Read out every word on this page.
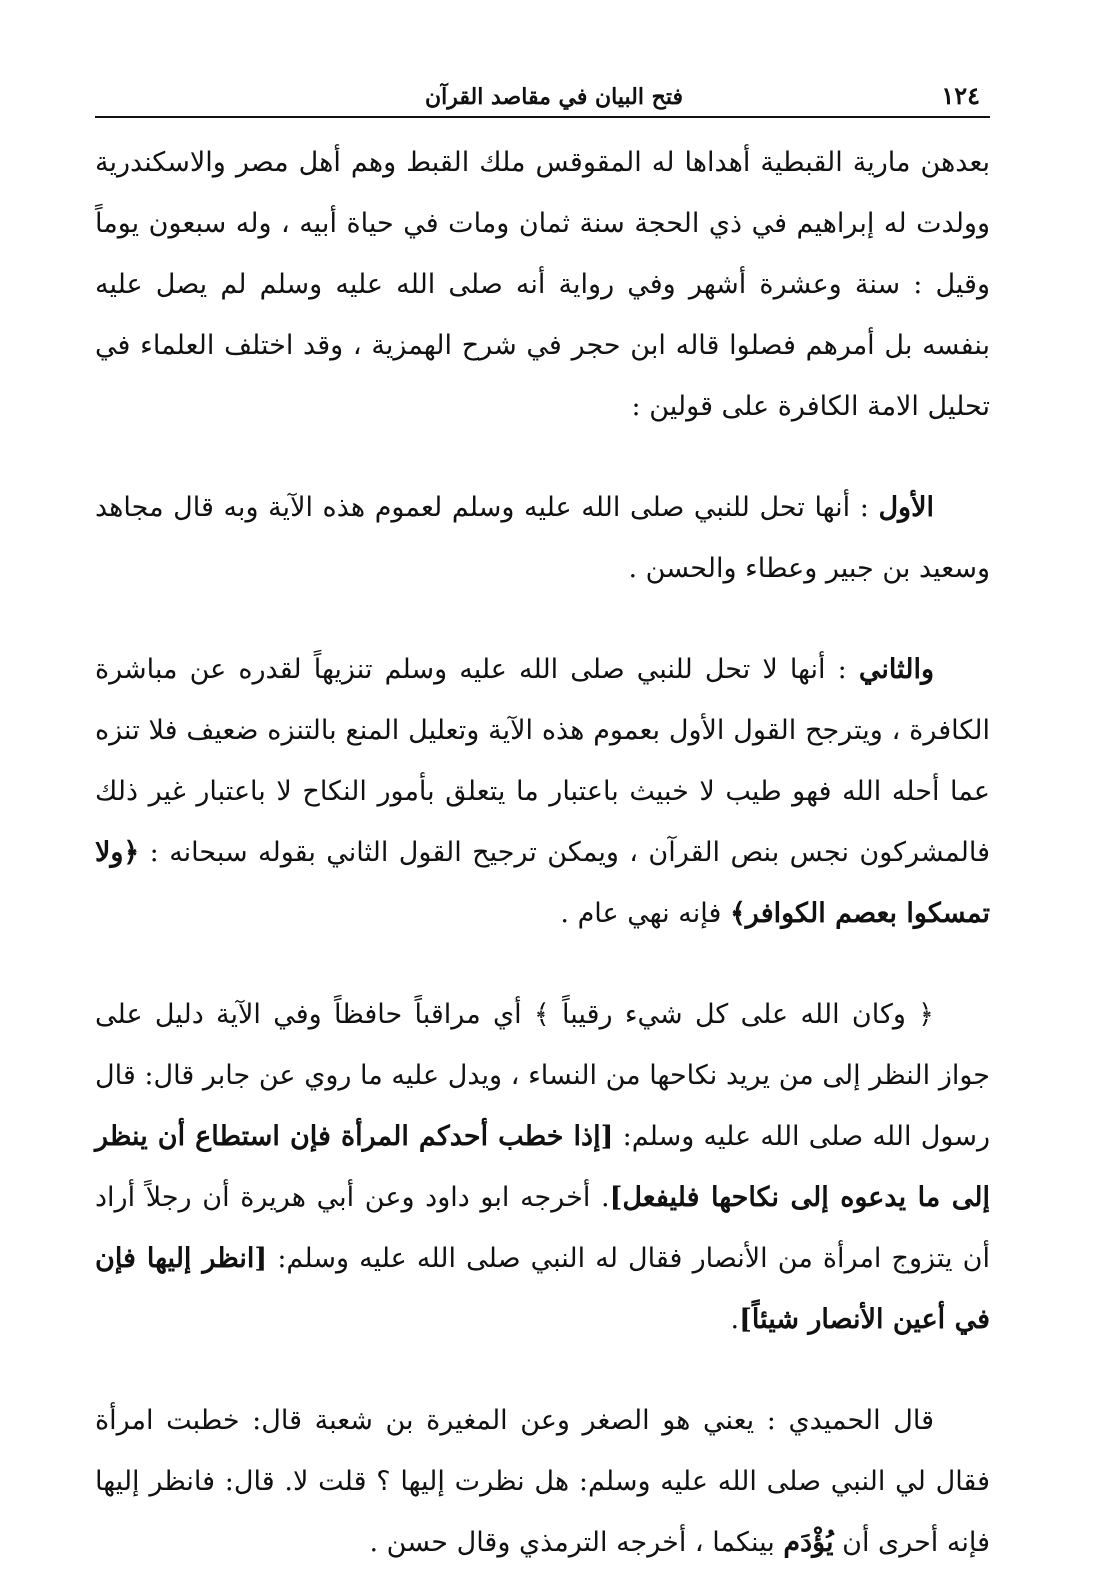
١٢٤
فتح البيان في مقاصد القرآن

بعدهن مارية القبطية أهداها له المقوقس ملك القبط وهم أهل مصر والاسكندرية وولدت له إبراهيم في ذي الحجة سنة ثمان ومات في حياة أبيه ، وله سبعون يوماً وقيل : سنة وعشرة أشهر وفي رواية أنه صلى الله عليه وسلم لم يصل عليه بنفسه بل أمرهم فصلوا قاله ابن حجر في شرح الهمزية ، وقد اختلف العلماء في تحليل الامة الكافرة على قولين :

الأول : أنها تحل للنبي صلى الله عليه وسلم لعموم هذه الآية وبه قال مجاهد وسعيد بن جبير وعطاء والحسن .

والثاني : أنها لا تحل للنبي صلى الله عليه وسلم تنزيهاً لقدره عن مباشرة الكافرة ، ويترجح القول الأول بعموم هذه الآية وتعليل المنع بالتنزه ضعيف فلا تنزه عما أحله الله فهو طيب لا خبيث باعتبار ما يتعلق بأمور النكاح لا باعتبار غير ذلك فالمشركون نجس بنص القرآن ، ويمكن ترجيح القول الثاني بقوله سبحانه : ﴿ولا تمسكوا بعصم الكوافر﴾ فإنه نهي عام .

﴿ وكان الله على كل شيء رقيباً ﴾ أي مراقباً حافظاً وفي الآية دليل على جواز النظر إلى من يريد نكاحها من النساء ، ويدل عليه ما روي عن جابر قال: قال رسول الله صلى الله عليه وسلم: [إذا خطب أحدكم المرأة فإن استطاع أن ينظر إلى ما يدعوه إلى نكاحها فليفعل]. أخرجه ابو داود وعن أبي هريرة أن رجلاً أراد أن يتزوج امرأة من الأنصار فقال له النبي صلى الله عليه وسلم: [انظر إليها فإن في أعين الأنصار شيئاً].

قال الحميدي : يعني هو الصغر وعن المغيرة بن شعبة قال: خطبت امرأة فقال لي النبي صلى الله عليه وسلم: هل نظرت إليها ؟ قلت لا. قال: فانظر إليها فإنه أحرى أن يُؤْدَم بينكما ، أخرجه الترمذي وقال حسن .
